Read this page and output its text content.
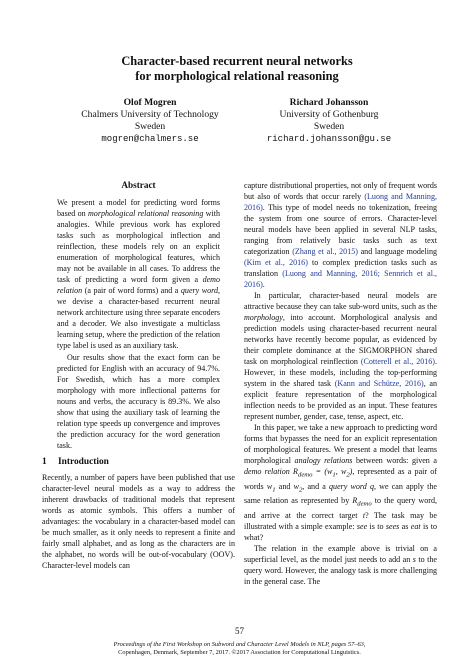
Character-based recurrent neural networks
for morphological relational reasoning
Olof Mogren
Chalmers University of Technology
Sweden
mogren@chalmers.se
Richard Johansson
University of Gothenburg
Sweden
richard.johansson@gu.se
Abstract

We present a model for predicting word forms based on morphological relational reasoning with analogies. While previous work has explored tasks such as morphological inflection and reinflection, these models rely on an explicit enumeration of morphological features, which may not be available in all cases. To address the task of predicting a word form given a demo relation (a pair of word forms) and a query word, we devise a character-based recurrent neural network architecture using three separate encoders and a decoder. We also investigate a multiclass learning setup, where the prediction of the relation type label is used as an auxiliary task.

Our results show that the exact form can be predicted for English with an accuracy of 94.7%. For Swedish, which has a more complex morphology with more inflectional patterns for nouns and verbs, the accuracy is 89.3%. We also show that using the auxiliary task of learning the relation type speeds up convergence and improves the prediction accuracy for the word generation task.

1 Introduction

Recently, a number of papers have been published that use character-level neural models as a way to address the inherent drawbacks of traditional models that represent words as atomic symbols. This offers a number of advantages: the vocabulary in a character-based model can be much smaller, as it only needs to represent a finite and fairly small alphabet, and as long as the characters are in the alphabet, no words will be out-of-vocabulary (OOV). Character-level models can

capture distributional properties, not only of frequent words but also of words that occur rarely (Luong and Manning, 2016). This type of model needs no tokenization, freeing the system from one source of errors. Character-level neural models have been applied in several NLP tasks, ranging from relatively basic tasks such as text categorization (Zhang et al., 2015) and language modeling (Kim et al., 2016) to complex prediction tasks such as translation (Luong and Manning, 2016; Sennrich et al., 2016).

In particular, character-based neural models are attractive because they can take sub-word units, such as the morphology, into account. Morphological analysis and prediction models using character-based recurrent neural networks have recently become popular, as evidenced by their complete dominance at the SIGMORPHON shared task on morphological reinflection (Cotterell et al., 2016). However, in these models, including the top-performing system in the shared task (Kann and Schütze, 2016), an explicit feature representation of the morphological inflection needs to be provided as an input. These features represent number, gender, case, tense, aspect, etc.

In this paper, we take a new approach to predicting word forms that bypasses the need for an explicit representation of morphological features. We present a model that learns morphological analogy relations between words: given a demo relation $R_{demo} = (w_1$, $w_2$), represented as a pair of words $w_1$ and $w_2$, and a query word q, we can apply the same relation as represented by $R_{demo}$ to the query word, and arrive at the correct target t? The task may be illustrated with a simple example: see is to sees as eat is to what?

The relation in the example above is trivial on a superficial level, as the model just needs to add an s to the query word. However, the analogy task is more challenging in the general case. The

57
Proceedings of the First Workshop on Subword and Character Level Models in NLP, pages 57–63,
Copenhagen, Denmark, September 7, 2017. ©2017 Association for Computational Linguistics.
